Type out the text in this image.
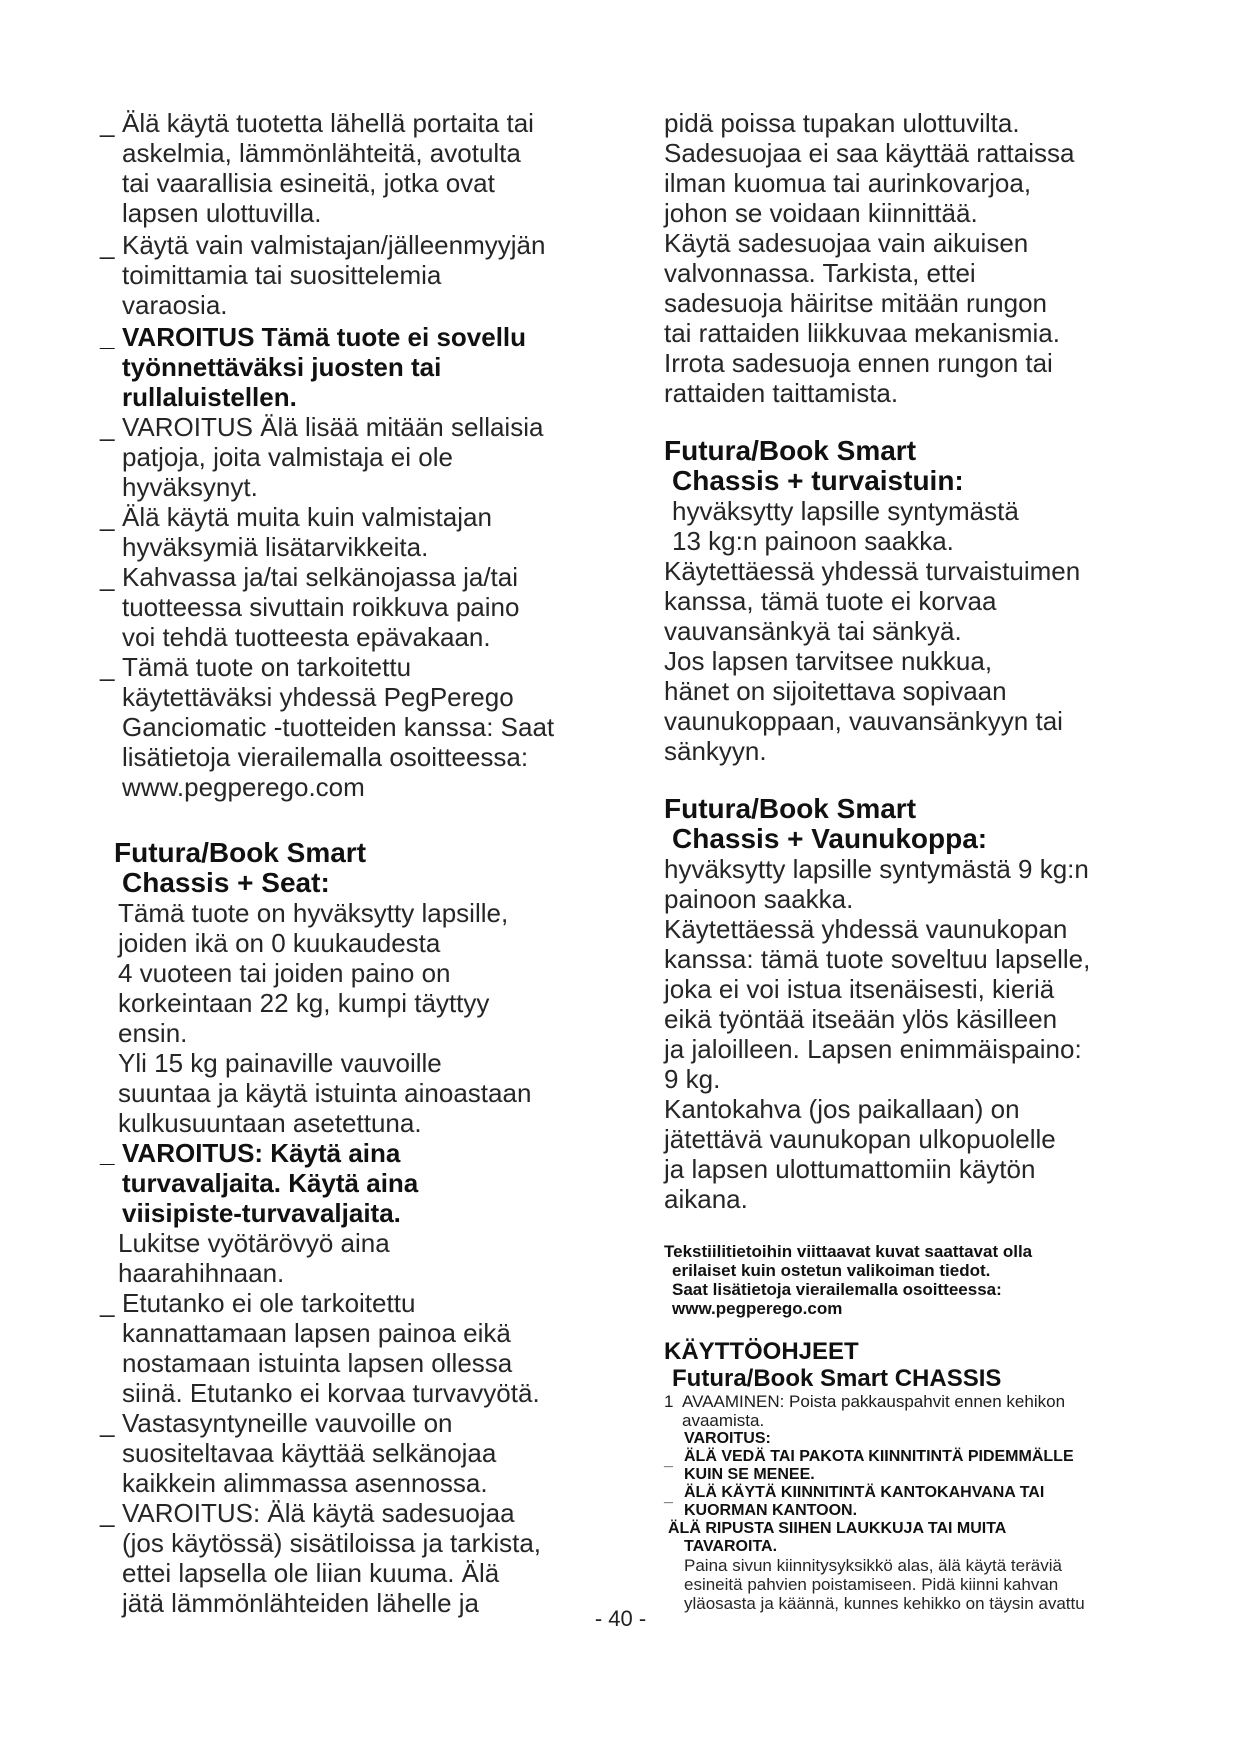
_ Älä käytä tuotetta lähellä portaita tai
askelmia, lämmönlähteitä, avotulta
tai vaarallisia esineitä, jotka ovat
lapsen ulottuvilla.
_ Käytä vain valmistajan/jälleenmyyjän
toimittamia tai suosittelemia
varaosia.
_ VAROITUS Tämä tuote ei sovellu
työnnettäväksi juosten tai
rullaluistellen.
_ VAROITUS Älä lisää mitään sellaisia
patjoja, joita valmistaja ei ole
hyväksynyt.
_ Älä käytä muita kuin valmistajan
hyväksymiä lisätarvikkeita.
_ Kahvassa ja/tai selkänojassa ja/tai
tuotteessa sivuttain roikkuva paino
voi tehdä tuotteesta epävakaan.
_ Tämä tuote on tarkoitettu
käytettäväksi yhdessä PegPerego
Ganciomatic -tuotteiden kanssa: Saat
lisätietoja vierailemalla osoitteessa:
www.pegperego.com
Futura/Book Smart
Chassis + Seat:
Tämä tuote on hyväksytty lapsille,
joiden ikä on 0 kuukaudesta
4 vuoteen tai joiden paino on
korkeintaan 22 kg, kumpi täyttyy
ensin.
Yli 15 kg painaville vauvoille
suuntaa ja käytä istuinta ainoastaan
kulkusuuntaan asetettuna.
_ VAROITUS: Käytä aina
turvavaljaita. Käytä aina
viisipiste-turvavaljaita.
Lukitse vyötärövyö aina
haarahihnaan.
_ Etutanko ei ole tarkoitettu
kannattamaan lapsen painoa eikä
nostamaan istuinta lapsen ollessa
siinä. Etutanko ei korvaa turvavyötä.
_ Vastasyntyneille vauvoille on
suositeltavaa käyttää selkänojaa
kaikkein alimmassa asennossa.
_ VAROITUS: Älä käytä sadesuojaa
(jos käytössä) sisätiloissa ja tarkista,
ettei lapsella ole liian kuuma. Älä
jätä lämmönlähteiden lähelle ja
pidä poissa tupakan ulottuvilta.
Sadesuojaa ei saa käyttää rattaissa
ilman kuomua tai aurinkovarjoa,
johon se voidaan kiinnittää.
Käytä sadesuojaa vain aikuisen
valvonnassa. Tarkista, ettei
sadesuoja häiritse mitään rungon
tai rattaiden liikkuvaa mekanismia.
Irrota sadesuoja ennen rungon tai
rattaiden taittamista.
Futura/Book Smart
Chassis + turvaistuin:
hyväksytty lapsille syntymästä
13 kg:n painoon saakka.
Käytettäessä yhdessä turvaistuimen
kanssa, tämä tuote ei korvaa
vauvansänkyä tai sänkyä.
Jos lapsen tarvitsee nukkua,
hänet on sijoitettava sopivaan
vaunukoppaan, vauvansänkyyn tai
sänkyyn.
Futura/Book Smart
Chassis + Vaunukoppa:
hyväksytty lapsille syntymästä 9 kg:n
painoon saakka.
Käytettäessä yhdessä vaunukopan
kanssa: tämä tuote soveltuu lapselle,
joka ei voi istua itsenäisesti, kieriä
eikä työntää itseään ylös käsilleen
ja jaloilleen. Lapsen enimmäispaino:
9 kg.
Kantokahva (jos paikallaan) on
jätettävä vaunukopan ulkopuolelle
ja lapsen ulottumattomiin käytön
aikana.
Tekstiilitietoihin viittaavat kuvat saattavat olla
erilaiset kuin ostetun valikoiman tiedot.
Saat lisätietoja vierailemalla osoitteessa:
www.pegperego.com
KÄYTTÖOHJEET
Futura/Book Smart CHASSIS
1 AVAAMINEN: Poista pakkauspahvit ennen kehikon
avaamista.
VAROITUS:
_ ÄLÄ VEDÄ TAI PAKOTA KIINNITINTÄ PIDEMMÄLLE
KUIN SE MENEE.
_ ÄLÄ KÄYTÄ KIINNITINTÄ KANTOKAHVANA TAI
KUORMAN KANTOON.
ÄLÄ RIPUSTA SIIHEN LAUKKUJA TAI MUITA
TAVAROITA.
Paina sivun kiinnitysyksikkö alas, älä käytä teräviä
esineitä pahvien poistamiseen. Pidä kiinni kahvan
yläosasta ja käännä, kunnes kehikko on täysin avattu
- 40 -
